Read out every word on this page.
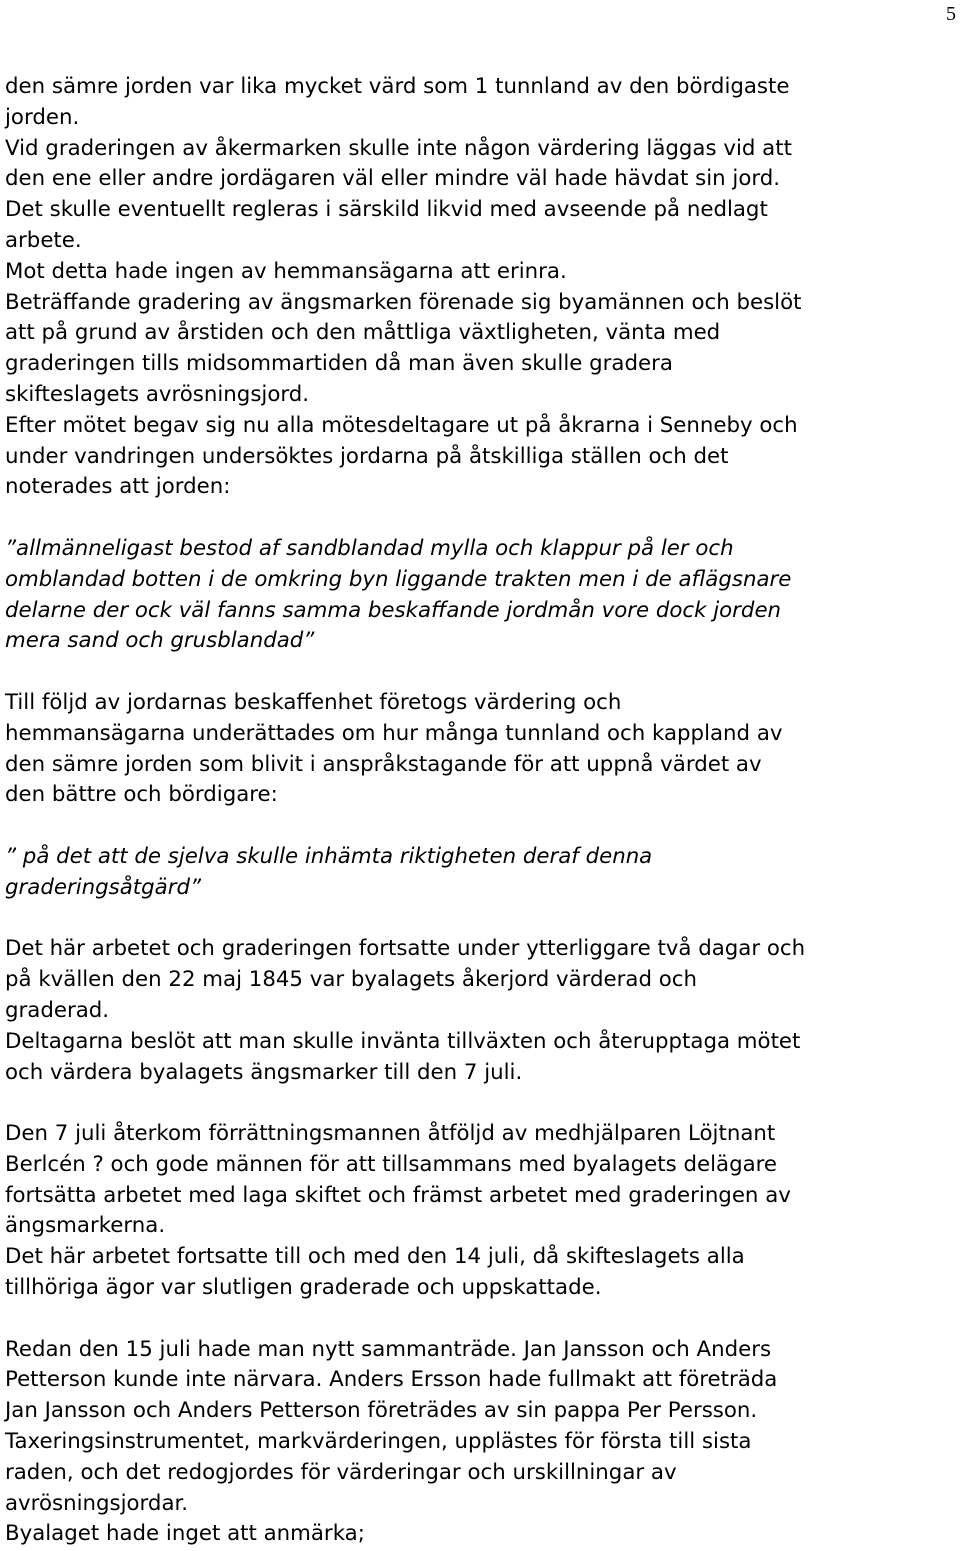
5

den sämre jorden var lika mycket värd som 1 tunnland av den bördigaste
jorden.
Vid graderingen av åkermarken skulle inte någon värdering läggas vid att
den ene eller andre jordägaren väl eller mindre väl hade hävdat sin jord.
Det skulle eventuellt regleras i särskild likvid med avseende på nedlagt
arbete.
Mot detta hade ingen av hemmansägarna att erinra.
Beträffande gradering av ängsmarken förenade sig byamännen och beslöt
att på grund av årstiden och den måttliga växtligheten, vänta med
graderingen tills midsommartiden då man även skulle gradera
skifteslagets avrösningsjord.
Efter mötet begav sig nu alla mötesdeltagare ut på åkrarna i Senneby och
under vandringen undersöktes jordarna på åtskilliga ställen och det
noterades att jorden:

”allmänneligast bestod af sandblandad mylla och klappur på ler och
omblandad botten i de omkring byn liggande trakten men i de aflägsnare
delarne der ock väl fanns samma beskaffande jordmån vore dock jorden
mera sand och grusblandad”

Till följd av jordarnas beskaffenhet företogs värdering och
hemmansägarna underättades om hur många tunnland och kappland av
den sämre jorden som blivit i anspråkstagande för att uppnå värdet av
den bättre och bördigare:

” på det att de sjelva skulle inhämta riktigheten deraf denna
graderingsåtgärd”

Det här arbetet och graderingen fortsatte under ytterliggare två dagar och
på kvällen den 22 maj 1845 var byalagets åkerjord värderad och
graderad.
Deltagarna beslöt att man skulle invänta tillväxten och återupptaga mötet
och värdera byalagets ängsmarker till den 7 juli.

Den 7 juli återkom förrättningsmannen åtföljd av medhjälparen Löjtnant
Berlcén ? och gode männen för att tillsammans med byalagets delägare
fortsätta arbetet med laga skiftet och främst arbetet med graderingen av
ängsmarkerna.
Det här arbetet fortsatte till och med den 14 juli, då skifteslagets alla
tillhöriga ägor var slutligen graderade och uppskattade.

Redan den 15 juli hade man nytt sammanträde. Jan Jansson och Anders
Petterson kunde inte närvara. Anders Ersson hade fullmakt att företräda
Jan Jansson och Anders Petterson företrädes av sin pappa Per Persson.
Taxeringsinstrumentet, markvärderingen, upplästes för första till sista
raden, och det redogjordes för värderingar och urskillningar av
avrösningsjordar.
Byalaget hade inget att anmärka;
